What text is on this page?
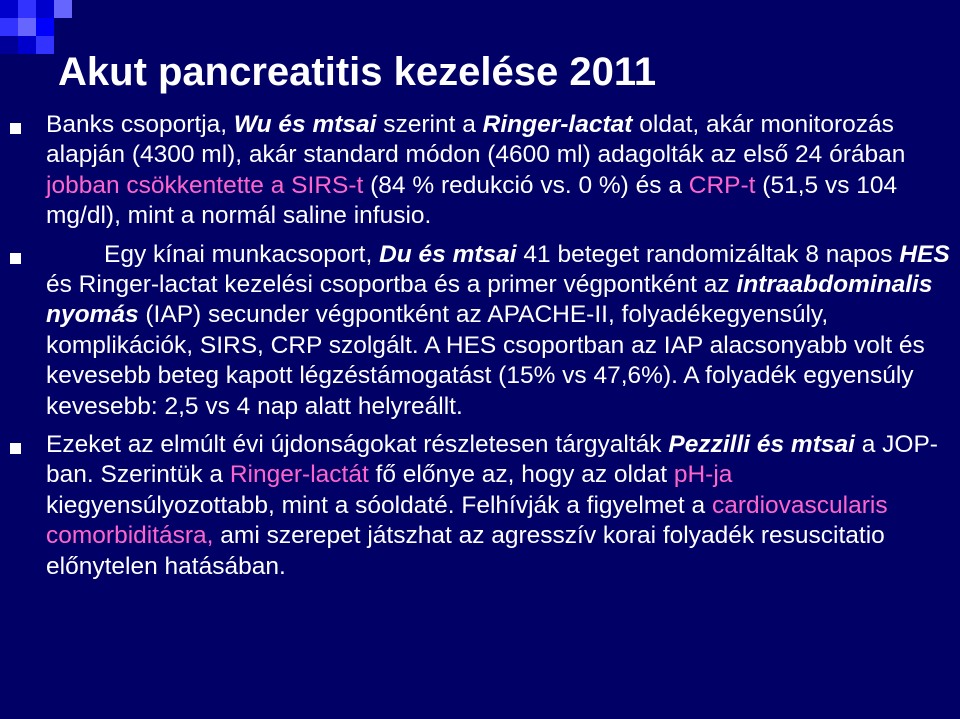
Akut pancreatitis kezelése 2011
Banks csoportja, Wu és mtsai szerint a Ringer-lactat oldat, akár monitorozás alapján (4300 ml), akár standard módon (4600 ml) adagolták az első 24 órában jobban csökkentette a SIRS-t (84 % redukció vs. 0 %) és a CRP-t (51,5 vs 104 mg/dl), mint a normál saline infusio.
Egy kínai munkacsoport, Du és mtsai 41 beteget randomizáltak 8 napos HES és Ringer-lactat kezelési csoportba és a primer végpontként az intraabdominalis nyomás (IAP) secunder végpontként az APACHE-II, folyadékegyensúly, komplikációk, SIRS, CRP szolgált. A HES csoportban az IAP alacsonyabb volt és kevesebb beteg kapott légzéstámogatást (15% vs 47,6%). A folyadék egyensúly kevesebb: 2,5 vs 4 nap alatt helyreállt.
Ezeket az elmúlt évi újdonságokat részletesen tárgyalták Pezzilli és mtsai a JOP-ban. Szerintük a Ringer-lactát fő előnye az, hogy az oldat pH-ja kiegyensúlyozottabb, mint a sóoldaté. Felhívják a figyelmet a cardiovascularis comorbiditásra, ami szerepet játszhat az agresszív korai folyadék resuscitatio előnytelen hatásában.
